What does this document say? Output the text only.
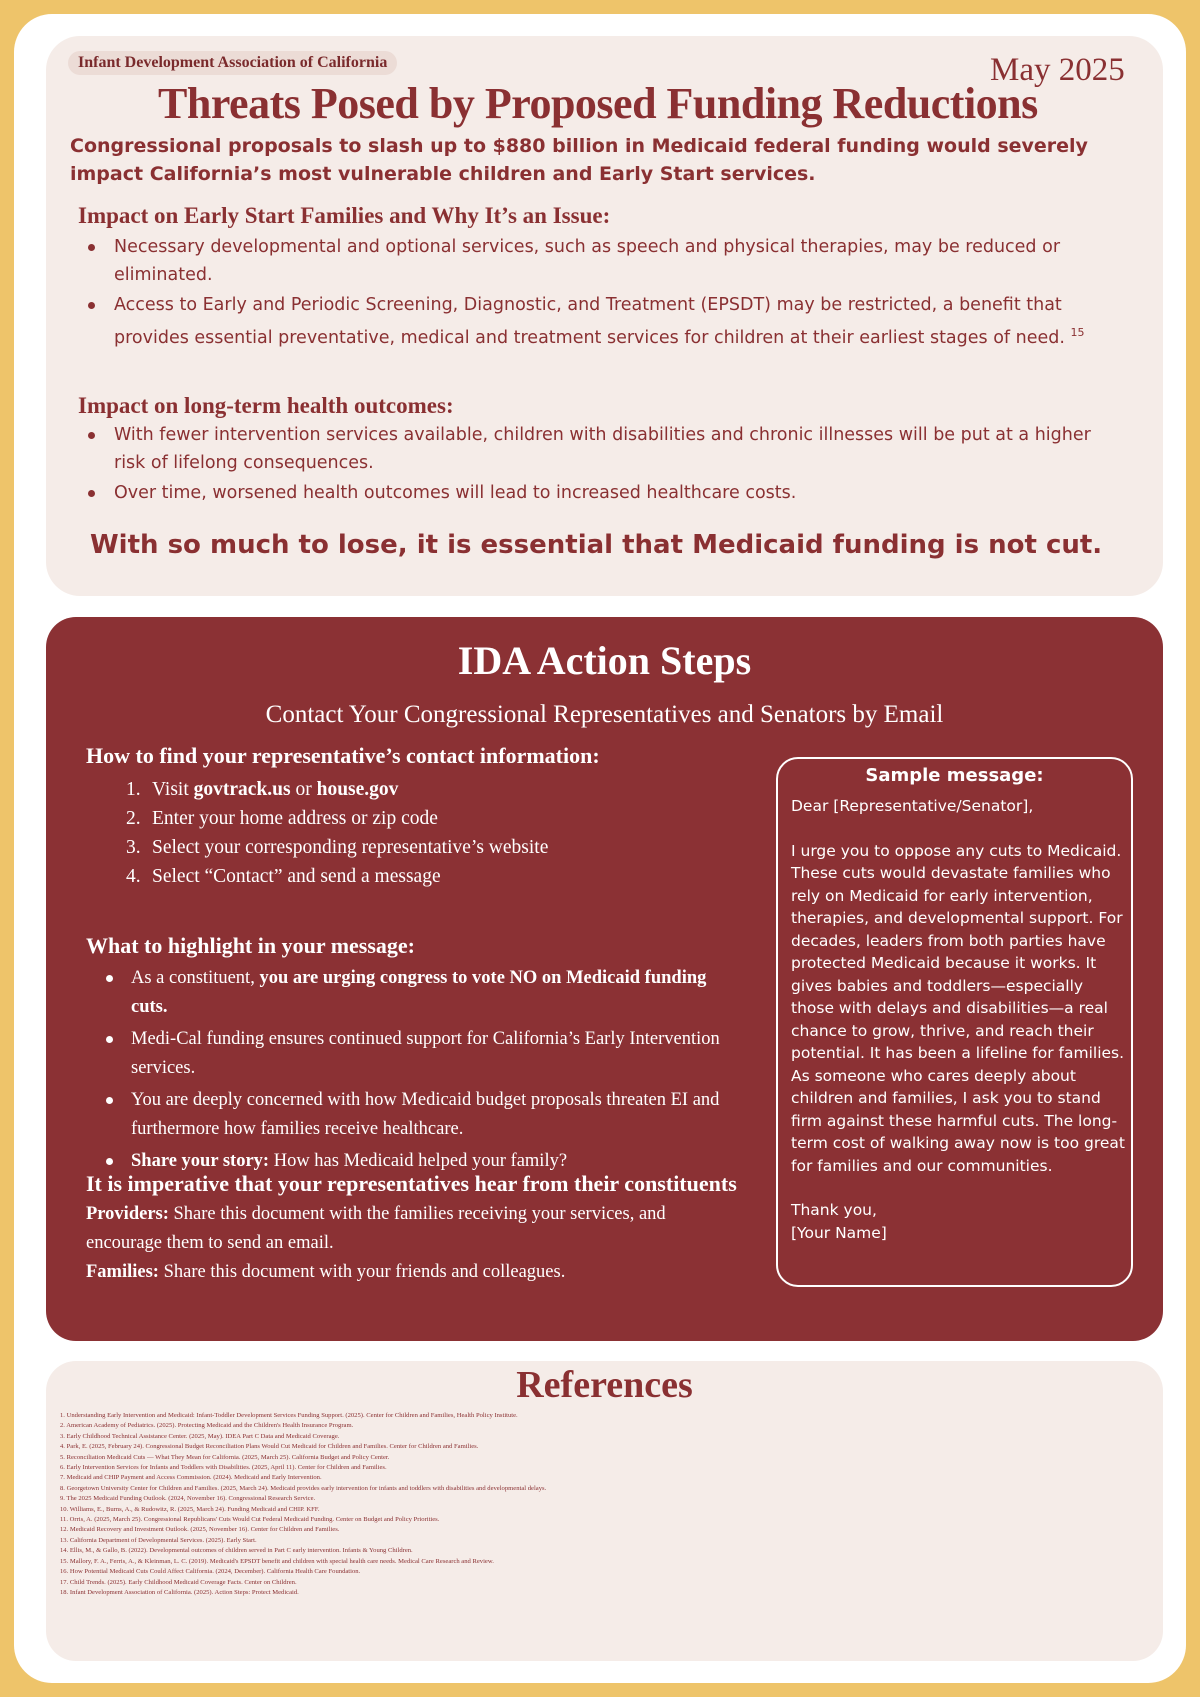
Infant Development Association of California	May 2025
Threats Posed by Proposed Funding Reductions
Congressional proposals to slash up to $880 billion in Medicaid federal funding would severely impact California’s most vulnerable children and Early Start services.
Impact on Early Start Families and Why It’s an Issue:
Necessary developmental and optional services, such as speech and physical therapies, may be reduced or eliminated.
Access to Early and Periodic Screening, Diagnostic, and Treatment (EPSDT) may be restricted, a benefit that provides essential preventative, medical and treatment services for children at their earliest stages of need. $^{15}$
Impact on long-term health outcomes:
With fewer intervention services available, children with disabilities and chronic illnesses will be put at a higher risk of lifelong consequences.
Over time, worsened health outcomes will lead to increased healthcare costs.
With so much to lose, it is essential that Medicaid funding is not cut.
IDA Action Steps
Contact Your Congressional Representatives and Senators by Email
How to find your representative’s contact information:
1. Visit govtrack.us or house.gov
2. Enter your home address or zip code
3. Select your corresponding representative’s website
4. Select “Contact” and send a message
What to highlight in your message:
As a constituent, you are urging congress to vote NO on Medicaid funding cuts.
Medi-Cal funding ensures continued support for California’s Early Intervention services.
You are deeply concerned with how Medicaid budget proposals threaten EI and furthermore how families receive healthcare.
Share your story: How has Medicaid helped your family?
It is imperative that your representatives hear from their constituents
Providers: Share this document with the families receiving your services, and encourage them to send an email.
Families: Share this document with your friends and colleagues.
Sample message:

Dear [Representative/Senator],

I urge you to oppose any cuts to Medicaid. These cuts would devastate families who rely on Medicaid for early intervention, therapies, and developmental support. For decades, leaders from both parties have protected Medicaid because it works. It gives babies and toddlers—especially those with delays and disabilities—a real chance to grow, thrive, and reach their potential. It has been a lifeline for families. As someone who cares deeply about children and families, I ask you to stand firm against these harmful cuts. The long-term cost of walking away now is too great for families and our communities.

Thank you,

[Your Name]

References
1. Understanding Early Intervention and Medicaid: Infant-Toddler Development Services Funding Support. (2025). Center for Children and Families, Health Policy Institute.
2. American Academy of Pediatrics. (2025). Protecting Medicaid and the Children's Health Insurance Program.
3. Early Childhood Technical Assistance Center. (2025, May). IDEA Part C Data and Medicaid Coverage.
4. Park, E. (2025, February 24). Congressional Budget Reconciliation Plans Would Cut Medicaid for Children and Families. Center for Children and Families.
5. Reconciliation Medicaid Cuts — What They Mean for California. (2025, March 25). California Budget and Policy Center.
6. Early Intervention Services for Infants and Toddlers with Disabilities. (2025, April 11). Center for Children and Families.
7. Medicaid and CHIP Payment and Access Commission. (2024). Medicaid and Early Intervention.
8. Georgetown University Center for Children and Families. (2025, March 24). Medicaid provides early intervention for infants and toddlers with disabilities and developmental delays.
9. The 2025 Medicaid Funding Outlook. (2024, November 16). Congressional Research Service.
10. Williams, E., Burns, A., & Rudowitz, R. (2025, March 24). Funding Medicaid and CHIP. KFF.
11. Orris, A. (2025, March 25). Congressional Republicans' Cuts Would Cut Federal Medicaid Funding. Center on Budget and Policy Priorities.
12. Medicaid Recovery and Investment Outlook. (2025, November 16). Center for Children and Families.
13. California Department of Developmental Services. (2025). Early Start.
14. Ellis, M., & Gallo, B. (2022). Developmental outcomes of children served in Part C early intervention. Infants & Young Children.
15. Mallory, F. A., Ferris, A., & Kleinman, L. C. (2019). Medicaid's EPSDT benefit and children with special health care needs. Medical Care Research and Review.
16. How Potential Medicaid Cuts Could Affect California. (2024, December). California Health Care Foundation.
17. Child Trends. (2025). Early Childhood Medicaid Coverage Facts. Center on Children.
18. Infant Development Association of California. (2025). Action Steps: Protect Medicaid.
